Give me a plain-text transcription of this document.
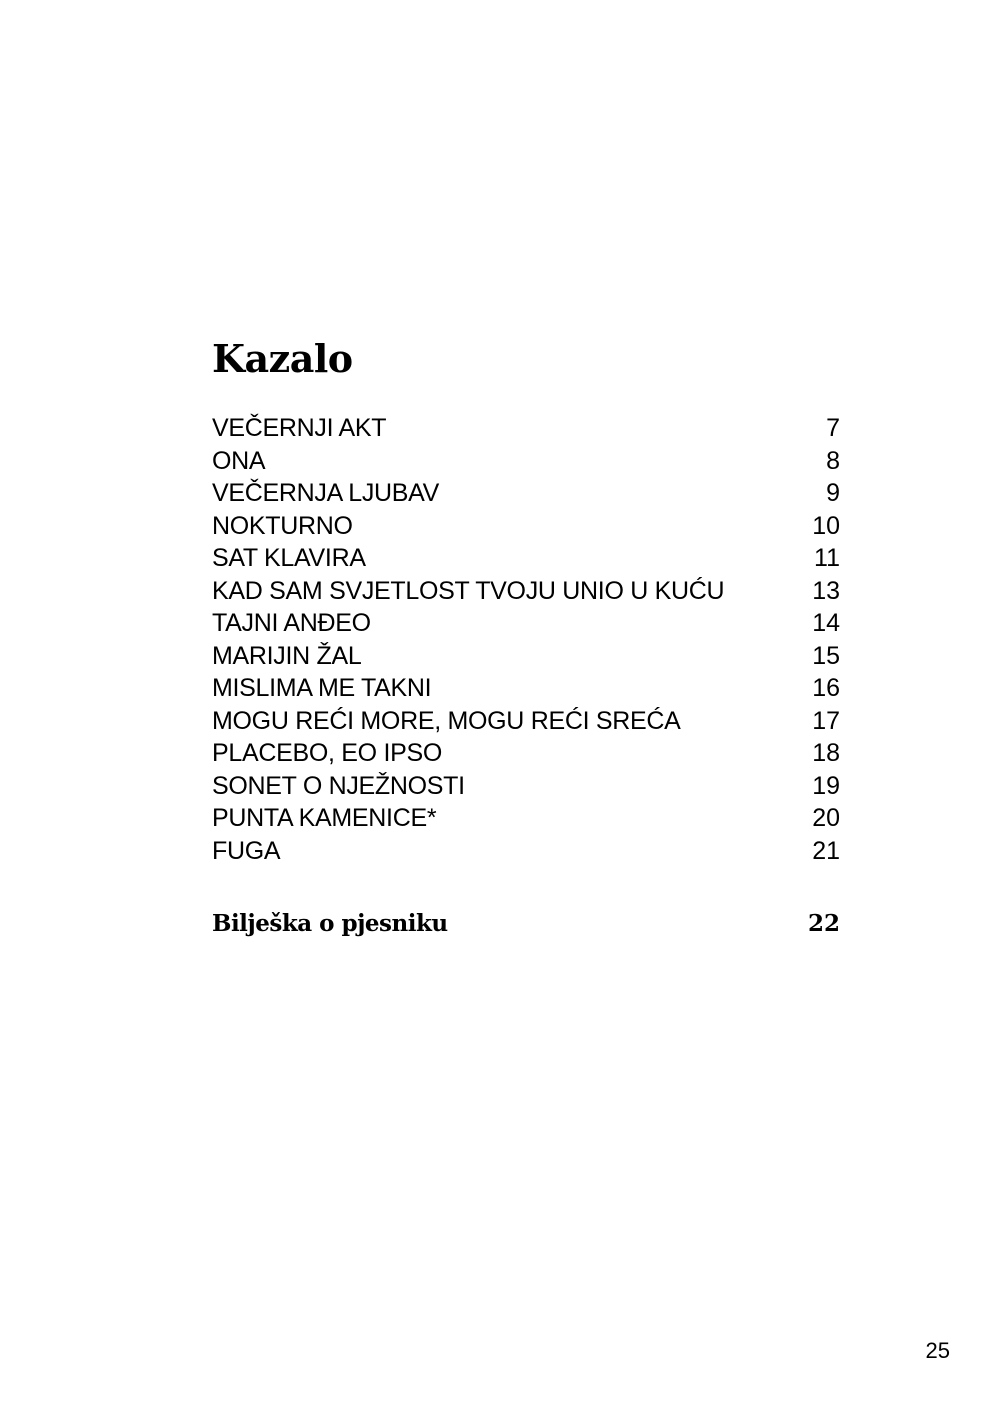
Kazalo
VEČERNJI AKT	7
ONA	8
VEČERNJA LJUBAV	9
NOKTURNO	10
SAT KLAVIRA	11
KAD SAM SVJETLOST TVOJU UNIO U KUĆU	13
TAJNI ANĐEO	14
MARIJIN ŽAL	15
MISLIMA ME TAKNI	16
MOGU REĆI MORE, MOGU REĆI SREĆA	17
PLACEBO, EO IPSO	18
SONET O NJEŽNOSTI	19
PUNTA KAMENICE*	20
FUGA	21
Bilješka o pjesniku	22
25
